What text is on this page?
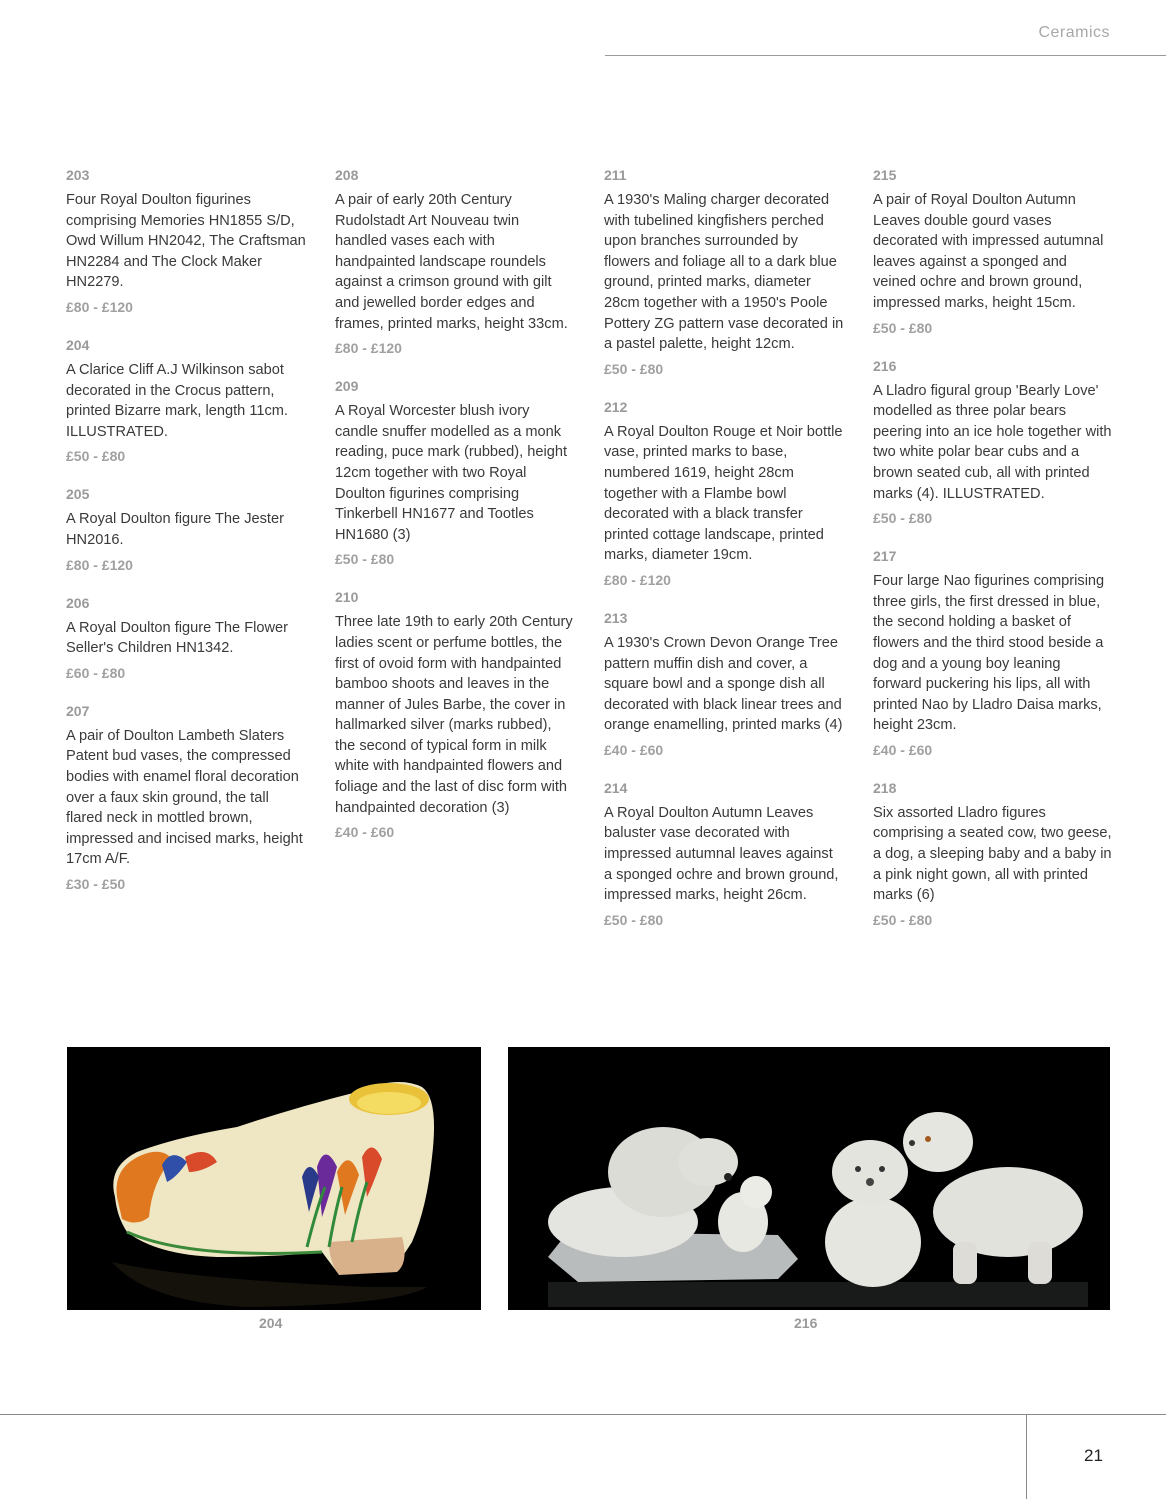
Ceramics
203
Four Royal Doulton figurines comprising Memories HN1855 S/D, Owd Willum HN2042, The Craftsman HN2284 and The Clock Maker HN2279.
£80 - £120
204
A Clarice Cliff A.J Wilkinson sabot decorated in the Crocus pattern, printed Bizarre mark, length 11cm. ILLUSTRATED.
£50 - £80
205
A Royal Doulton figure The Jester HN2016.
£80 - £120
206
A Royal Doulton figure The Flower Seller's Children HN1342.
£60 - £80
207
A pair of Doulton Lambeth Slaters Patent bud vases, the compressed bodies with enamel floral decoration over a faux skin ground, the tall flared neck in mottled brown, impressed and incised marks, height 17cm A/F.
£30 - £50
208
A pair of early 20th Century Rudolstadt Art Nouveau twin handled vases each with handpainted landscape roundels against a crimson ground with gilt and jewelled border edges and frames, printed marks, height 33cm.
£80 - £120
209
A Royal Worcester blush ivory candle snuffer modelled as a monk reading, puce mark (rubbed), height 12cm together with two Royal Doulton figurines comprising Tinkerbell HN1677 and Tootles HN1680 (3)
£50 - £80
210
Three late 19th to early 20th Century ladies scent or perfume bottles, the first of ovoid form with handpainted bamboo shoots and leaves in the manner of Jules Barbe, the cover in hallmarked silver (marks rubbed), the second of typical form in milk white with handpainted flowers and foliage and the last of disc form with handpainted decoration (3)
£40 - £60
211
A 1930's Maling charger decorated with tubelined kingfishers perched upon branches surrounded by flowers and foliage all to a dark blue ground, printed marks, diameter 28cm together with a 1950's Poole Pottery ZG pattern vase decorated in a pastel palette, height 12cm.
£50 - £80
212
A Royal Doulton Rouge et Noir bottle vase, printed marks to base, numbered 1619, height 28cm together with a Flambe bowl decorated with a black transfer printed cottage landscape, printed marks, diameter 19cm.
£80 - £120
213
A 1930's Crown Devon Orange Tree pattern muffin dish and cover, a square bowl and a sponge dish all decorated with black linear trees and orange enamelling, printed marks (4)
£40 - £60
214
A Royal Doulton Autumn Leaves baluster vase decorated with impressed autumnal leaves against a sponged ochre and brown ground, impressed marks, height 26cm.
£50 - £80
215
A pair of Royal Doulton Autumn Leaves double gourd vases decorated with impressed autumnal leaves against a sponged and veined ochre and brown ground, impressed marks, height 15cm.
£50 - £80
216
A Lladro figural group 'Bearly Love' modelled as three polar bears peering into an ice hole together with two white polar bear cubs and a brown seated cub, all with printed marks (4). ILLUSTRATED.
£50 - £80
217
Four large Nao figurines comprising three girls, the first dressed in blue, the second holding a basket of flowers and the third stood beside a dog and a young boy leaning forward puckering his lips, all with printed Nao by Lladro Daisa marks, height 23cm.
£40 - £60
218
Six assorted Lladro figures comprising a seated cow, two geese, a dog, a sleeping baby and a baby in a pink night gown, all with printed marks (6)
£50 - £80
204	216
21
